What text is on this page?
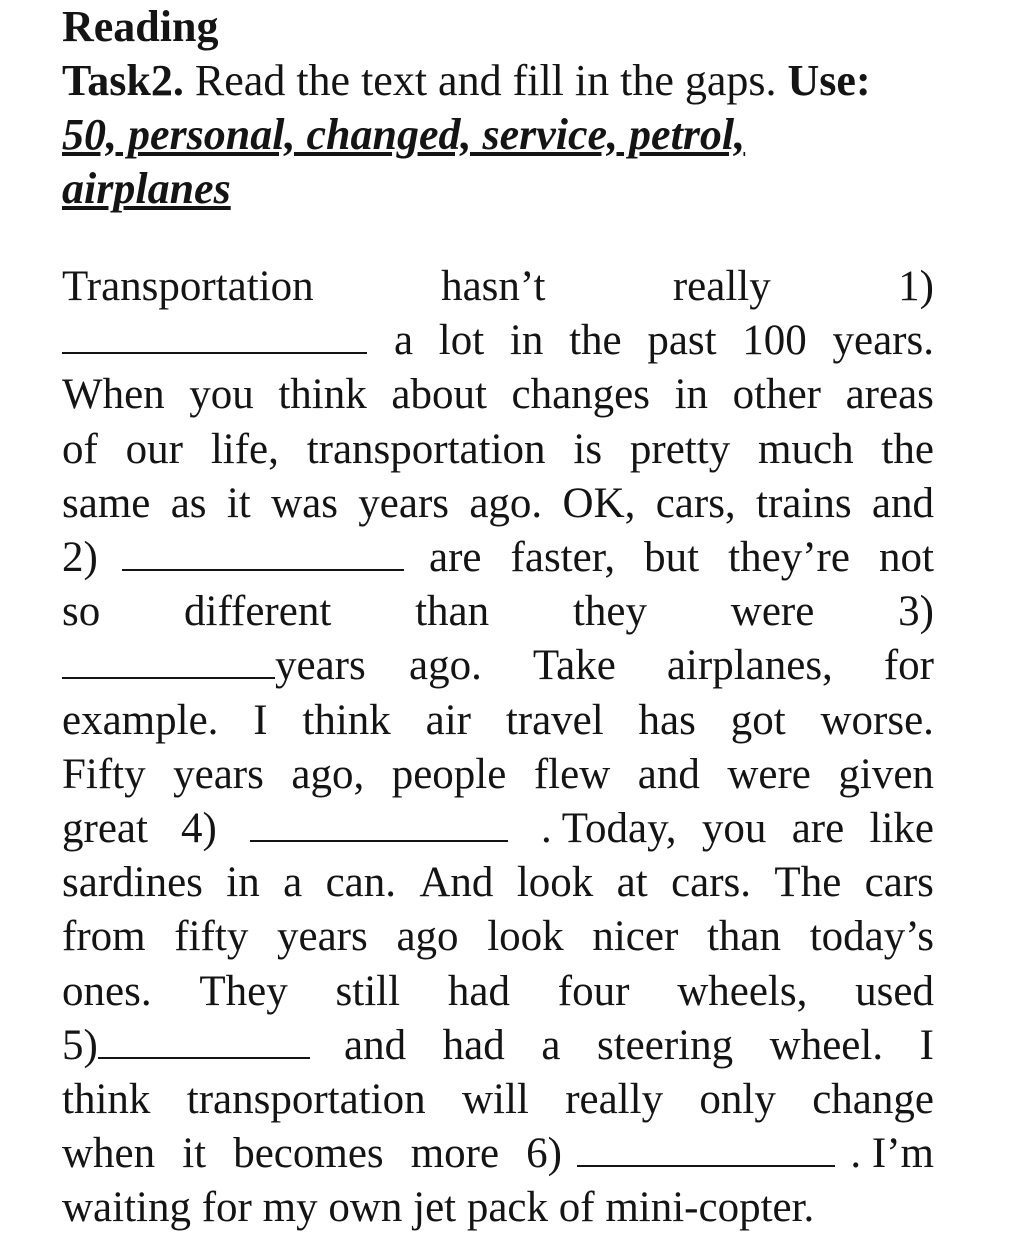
Reading

Task2. Read the text and fill in the gaps. Use:

50, personal, changed, service, petrol,

airplanes

Transportation	hasn’t	really	1)
a lot in the past 100 years.
When you think about changes in other areas
of our life, transportation is pretty much the
same as it was years ago. OK, cars, trains and
2)	are faster, but they’re not
so different than they were 3)
years ago. Take airplanes, for
example. I think air travel has got worse.
Fifty years ago, people flew and were given
great 4)	. Today, you are like
sardines in a can. And look at cars. The cars
from fifty years ago look nicer than today’s
ones. They still had four wheels, used
5)	and had a steering wheel. I
think transportation will really only change
when it becomes more 6)	. I’m
waiting for my own jet pack of mini-copter.
